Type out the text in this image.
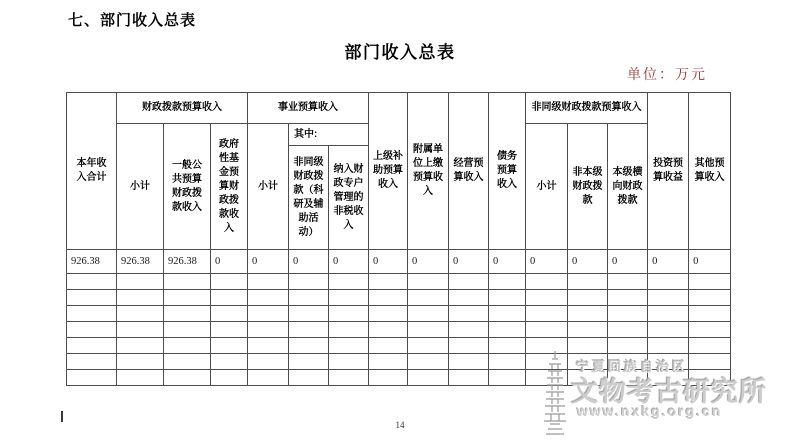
七、部门收入总表
部门收入总表
单位：万元
本年收入合计	财政拨款预算收入			事业预算收入			上级补助预算收入	附属单位上缴预算收入	经营预算收入	债务预算收入	非同级财政拨款预算收入			投资预算收益	其他预算收入
	小计	一般公共预算财政拨款收入	政府性基金预算财政拨款收入	小计	其中:						小计	非本级财政拨款	本级横向财政拨款		
					非同级财政拨款（科研及辅助活动）	纳入财政专户管理的非税收入									
926.38	926.38	926.38	0	0	0	0	0	0	0	0	0	0	0	0	0

宁夏回族自治区
文物考古研究所
www.nxkg.org.cn
14
